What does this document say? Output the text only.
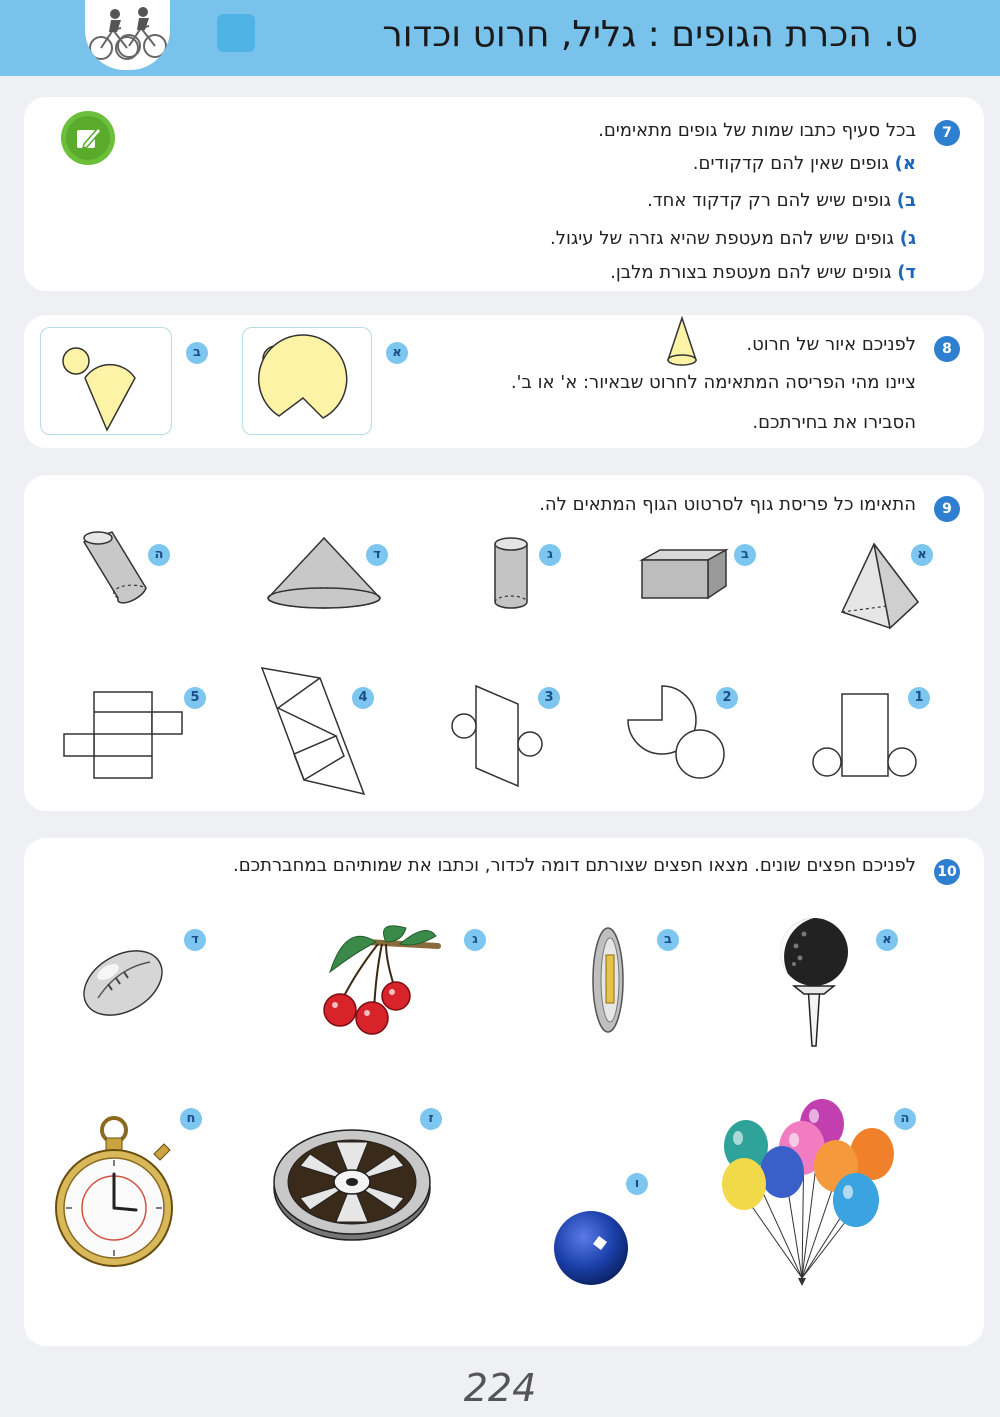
ט. הכרת הגופים : גליל, חרוט וכדור
7
בכל סעיף כתבו שמות של גופים מתאימים.
א) גופים שאין להם קדקודים.
ב) גופים שיש להם רק קדקוד אחד.
ג) גופים שיש להם מעטפת שהיא גזרה של עיגול.
ד) גופים שיש להם מעטפת בצורת מלבן.
8
לפניכם איור של חרוט.
ציינו מהי הפריסה המתאימה לחרוט שבאיור: א' או ב'.
הסבירו את בחירתכם.
א
ב
9
התאימו כל פריסת גוף לסרטוט הגוף המתאים לה.
א
ב
ג
ד
ה
1
2
3
4
5
10
לפניכם חפצים שונים. מצאו חפצים שצורתם דומה לכדור, וכתבו את שמותיהם במחברתכם.
א
ב
ג
ד
ה
ו
ז
ח
224
